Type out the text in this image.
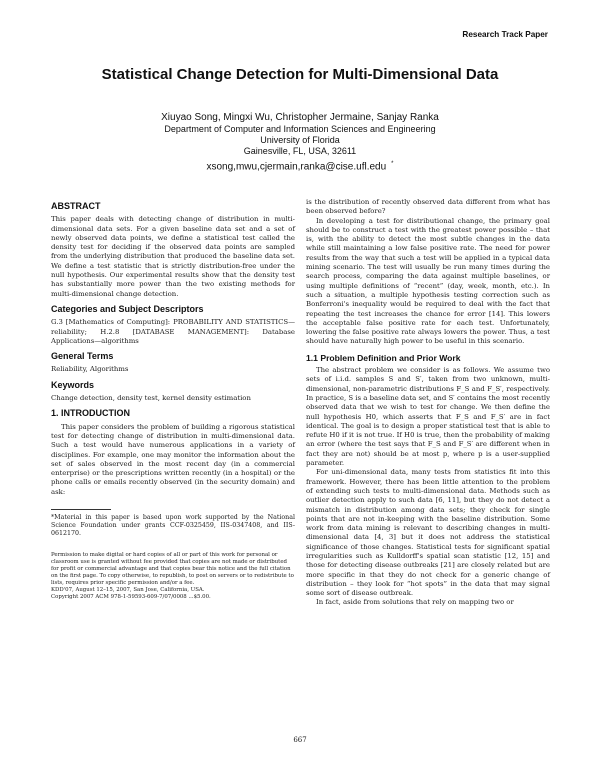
Research Track Paper
Statistical Change Detection for Multi-Dimensional Data
Xiuyao Song, Mingxi Wu, Christopher Jermaine, Sanjay Ranka
Department of Computer and Information Sciences and Engineering
University of Florida
Gainesville, FL, USA, 32611
xsong,mwu,cjermain,ranka@cise.ufl.edu *
ABSTRACT

This paper deals with detecting change of distribution in multi-dimensional data sets. For a given baseline data set and a set of newly observed data points, we define a statistical test called the density test for deciding if the observed data points are sampled from the underlying distribution that produced the baseline data set. We define a test statistic that is strictly distribution-free under the null hypothesis. Our experimental results show that the density test has substantially more power than the two existing methods for multi-dimensional change detection.

Categories and Subject Descriptors

G.3 [Mathematics of Computing]: PROBABILITY AND STATISTICS—reliability; H.2.8 [DATABASE MANAGEMENT]: Database Applications—algorithms

General Terms

Reliability, Algorithms

Keywords

Change detection, density test, kernel density estimation

1. INTRODUCTION

This paper considers the problem of building a rigorous statistical test for detecting change of distribution in multi-dimensional data. Such a test would have numerous applications in a variety of disciplines. For example, one may monitor the information about the set of sales observed in the most recent day (in a commercial enterprise) or the prescriptions written recently (in a hospital) or the phone calls or emails recently observed (in the security domain) and ask:

*Material in this paper is based upon work supported by the National Science Foundation under grants CCF-0325459, IIS-0347408, and IIS-0612170.

Permission to make digital or hard copies of all or part of this work for personal or classroom use is granted without fee provided that copies are not made or distributed for profit or commercial advantage and that copies bear this notice and the full citation on the first page. To copy otherwise, to republish, to post on servers or to redistribute to lists, requires prior specific permission and/or a fee.
KDD'07, August 12–15, 2007, San Jose, California, USA.
Copyright 2007 ACM 978-1-59593-609-7/07/0008 ...$5.00.

is the distribution of recently observed data different from what has been observed before?

In developing a test for distributional change, the primary goal should be to construct a test with the greatest power possible – that is, with the ability to detect the most subtle changes in the data while still maintaining a low false positive rate. The need for power results from the way that such a test will be applied in a typical data mining scenario. The test will usually be run many times during the search process, comparing the data against multiple baselines, or using multiple definitions of “recent” (day, week, month, etc.). In such a situation, a multiple hypothesis testing correction such as Bonferroni's inequality would be required to deal with the fact that repeating the test increases the chance for error [14]. This lowers the acceptable false positive rate for each test. Unfortunately, lowering the false positive rate always lowers the power. Thus, a test should have naturally high power to be useful in this scenario.

1.1 Problem Definition and Prior Work

The abstract problem we consider is as follows. We assume two sets of i.i.d. samples S and S′, taken from two unknown, multi-dimensional, non-parametric distributions F_S and F_S′, respectively. In practice, S is a baseline data set, and S′ contains the most recently observed data that we wish to test for change. We then define the null hypothesis H0, which asserts that F_S and F_S′ are in fact identical. The goal is to design a proper statistical test that is able to refute H0 if it is not true. If H0 is true, then the probability of making an error (where the test says that F_S and F_S′ are different when in fact they are not) should be at most p, where p is a user-supplied parameter.

For uni-dimensional data, many tests from statistics fit into this framework. However, there has been little attention to the problem of extending such tests to multi-dimensional data. Methods such as outlier detection apply to such data [6, 11], but they do not detect a mismatch in distribution among data sets; they check for single points that are not in-keeping with the baseline distribution. Some work from data mining is relevant to describing changes in multi-dimensional data [4, 3] but it does not address the statistical significance of those changes. Statistical tests for significant spatial irregularities such as Kulldorff's spatial scan statistic [12, 15] and those for detecting disease outbreaks [21] are closely related but are more specific in that they do not check for a generic change of distribution – they look for “hot spots” in the data that may signal some sort of disease outbreak.

In fact, aside from solutions that rely on mapping two or

667
